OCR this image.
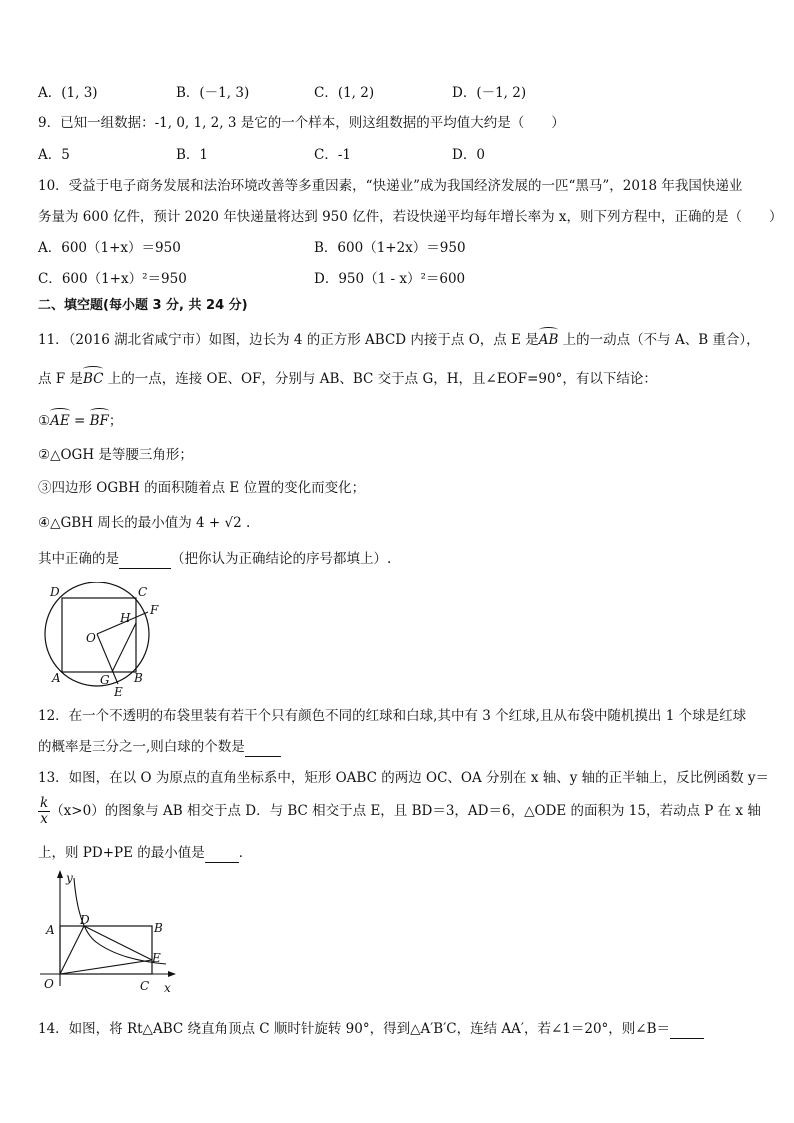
A．(1, 3)	B．(－1, 3)	C．(1, 2)	D．(－1, 2)
9．已知一组数据：-1, 0, 1, 2, 3 是它的一个样本，则这组数据的平均值大约是（　　）
A．5	B．1	C．-1	D．0
10．受益于电子商务发展和法治环境改善等多重因素，“快递业”成为我国经济发展的一匹“黑马”，2018 年我国快递业
务量为 600 亿件，预计 2020 年快递量将达到 950 亿件，若设快递平均每年增长率为 x，则下列方程中，正确的是（　　）
A．600（1+x）＝950	B．600（1+2x）＝950
C．600（1+x）²＝950	D．950（1 - x）²＝600
二、填空题(每小题 3 分, 共 24 分)
11．（2016 湖北省咸宁市）如图，边长为 4 的正方形 ABCD 内接于点 O，点 E 是AB 上的一动点（不与 A、B 重合），
点 F 是BC 上的一点，连接 OE、OF，分别与 AB、BC 交于点 G，H，且∠EOF=90°，有以下结论：
①AE = BF；
②△OGH 是等腰三角形；
③四边形 OGBH 的面积随着点 E 位置的变化而变化；
④△GBH 周长的最小值为 4 + √2 .
其中正确的是	（把你认为正确结论的序号都填上）.
D	C
F
H
O
A	G B
E
12．在一个不透明的布袋里装有若干个只有颜色不同的红球和白球,其中有 3 个红球,且从布袋中随机摸出 1 个球是红球
的概率是三分之一,则白球的个数是
13．如图，在以 O 为原点的直角坐标系中，矩形 OABC 的两边 OC、OA 分别在 x 轴、y 轴的正半轴上，反比例函数 y＝
$\frac{k}{x} (x>0)$的图象与 AB 相交于点 D．与 BC 相交于点 E，且 BD＝3，AD＝6，△ODE 的面积为 15，若动点 P 在 x 轴
上，则 PD+PE 的最小值是	．
y
A
D
B
E
O	C x
14．如图，将 Rt△ABC 绕直角顶点 C 顺时针旋转 90°，得到△A′B′C，连结 AA′，若∠1＝20°，则∠B＝
